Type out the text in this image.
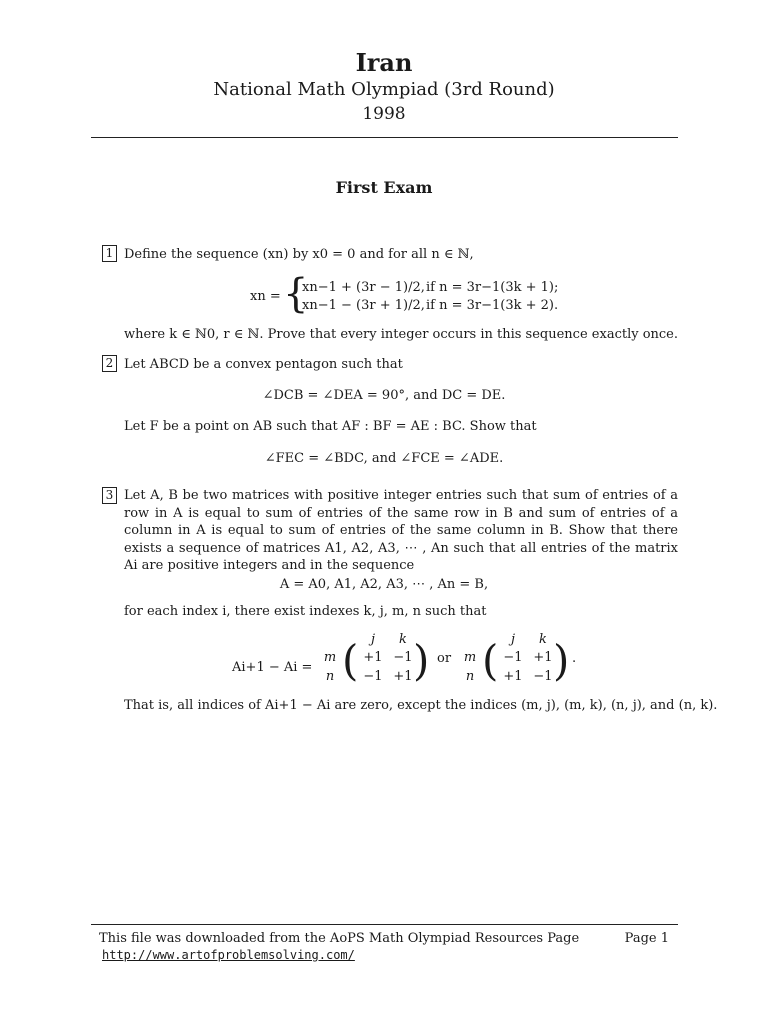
Iran
National Math Olympiad (3rd Round)
1998
First Exam
1 Define the sequence (xn) by x0 = 0 and for all n ∈ ℕ,
xn = {
xn−1 + (3r − 1)/2, if n = 3r−1(3k + 1);
xn−1 − (3r + 1)/2, if n = 3r−1(3k + 2).
where k ∈ ℕ0, r ∈ ℕ. Prove that every integer occurs in this sequence exactly once.
2 Let ABCD be a convex pentagon such that
∠DCB = ∠DEA = 90°, and DC = DE.
Let F be a point on AB such that AF : BF = AE : BC. Show that
∠FEC = ∠BDC, and ∠FCE = ∠ADE.
3 Let A, B be two matrices with positive integer entries such that sum of entries of a row in A is equal to sum of entries of the same row in B and sum of entries of a column in A is equal to sum of entries of the same column in B. Show that there exists a sequence of matrices A1, A2, A3, ⋯ , An such that all entries of the matrix Ai are positive integers and in the sequence
A = A0, A1, A2, A3, ⋯ , An = B,
for each index i, there exist indexes k, j, m, n such that
Ai+1 − Ai =
j	k
m
n ( +1 −1
−1 +1 ) or
j	k
m
n ( −1 +1
+1 −1 ) .
That is, all indices of Ai+1 − Ai are zero, except the indices (m, j), (m, k), (n, j), and (n, k).
This file was downloaded from the AoPS Math Olympiad Resources Page	Page 1
http://www.artofproblemsolving.com/
